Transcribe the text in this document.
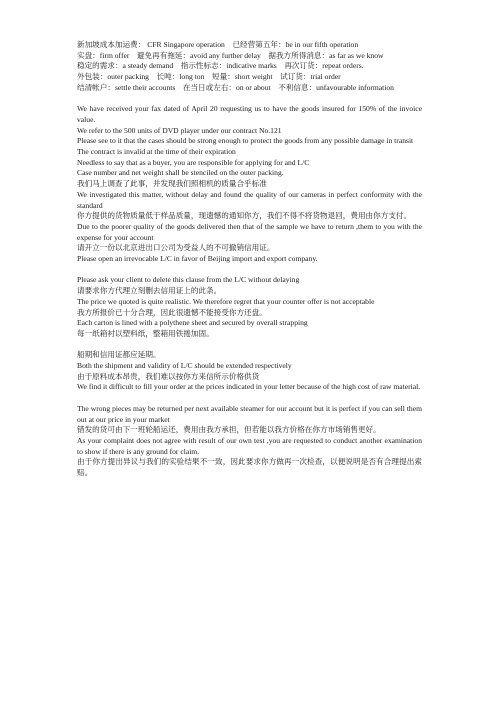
新加坡成本加运费： CFR Singapore operation　已经营第五年：be in our fifth operation

实盘：firm offer　避免再有拖延：avoid any further delay　据我方所得消息：as far as we know

稳定的需求：a steady demand　指示性标志：indicative marks　再次订货：repeat orders.

外包装：outer packing　长吨：long ton　短量：short weight　试订货：trial order

结清帐户：settle their accounts　在当日或左右：on or about　不利信息：unfavourable information

We have received your fax dated of April 20 requesting us to have the goods insured for 150% of the invoice value.

We refer to the 500 units of DVD player under our contract No.121

Please see to it that the cases should be strong enough to protect the goods from any possible damage in transit

The contract is invalid at the time of their expiration

Needless to say that as a buyer, you are responsible for applying for and L/C

Case number and net weight shall be stenciled on the outer packing.

我们马上调查了此事，并发现我们照相机的质量合乎标准

We investigated this matter, without delay and found the quality of our cameras in perfect conformity with the standard

你方提供的货物质量低于样品质量，现遗憾的通知你方，我们不得不将货物退回，费用由你方支付。

Due to the poorer quality of the goods delivered then that of the sample we have to return ,them to you with the expense for your account

请开立一份以北京进出口公司为受益人的不可撤销信用证。

Please open an irrevocable L/C in favor of Beijing import and export company.

Please ask your client to delete this clause from the L/C without delaying

请要求你方代理立刻删去信用证上的此条。

The price we quoted is quite realistic. We therefore regret that your counter offer is not acceptable

我方所报价已十分合理，因此很遗憾不能接受你方还盘。

Each carton is lined with a polythene sheet and secured by overall strapping

每一纸箱衬以塑料纸，整箱用铁捲加固。

船期和信用证都应延期。

Both the shipment and validity of L/C should be extended respectively

由于原料成本昂贵，我们难以按你方来信所示价格供货

We find it difficult to fill your order at the prices indicated in your letter because of the high cost of raw material.

The wrong pieces may be returned per next available steamer for our account but it is perfect if you can sell them out at our price in your market

错发的货可由下一班轮船运还，费用由我方承担，但若能以我方价格在你方市场销售更好。

As your complaint does not agree with result of our own test ,you are requested to conduct another examination to show if there is any ground for claim.

由于你方提出异议与我们的实验结果不一致，因此要求你方做再一次检查，以便说明是否有合理提出索赔。
